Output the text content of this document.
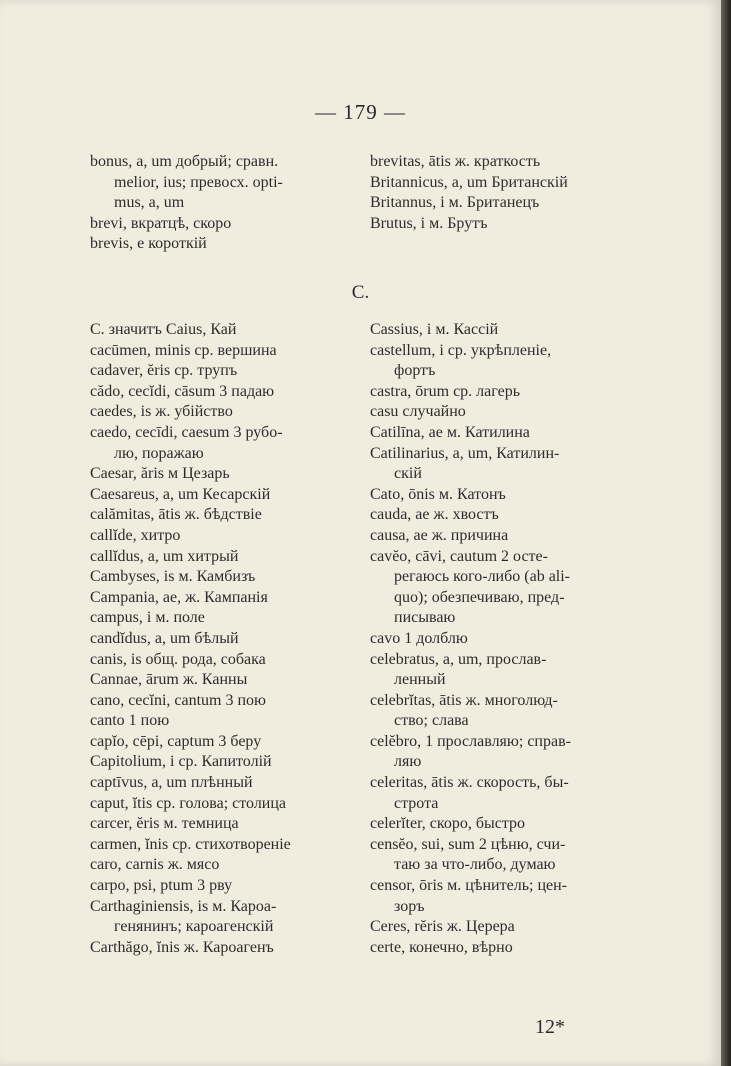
— 179 —
bonus, a, um добрый; сравн.
melior, ius; превосх. opti-
mus, a, um
brevi, вкратцѣ, скоро
brevis, e короткій
brevitas, ātis ж. краткость
Britannicus, a, um Британскій
Britannus, i м. Британецъ
Brutus, i м. Брутъ
C.
C. значитъ Caius, Кай
cacūmen, minis ср. вершина
cadaver, ĕris ср. трупъ
cădo, cecĭdi, cāsum 3 падаю
caedes, is ж. убійство
caedo, cecīdi, caesum 3 рубо-
лю, поражаю
Caesar, ăris м Цезарь
Caesareus, a, um Кесарскій
calămitas, ātis ж. бѣдствіе
callĭde, хитро
callĭdus, a, um хитрый
Cambyses, is м. Камбизъ
Campania, ae, ж. Кампанія
campus, i м. поле
candĭdus, a, um бѣлый
canis, is общ. рода, собака
Cannae, ārum ж. Канны
cano, cecĭni, cantum 3 пою
canto 1 пою
capĭo, cēpi, captum 3 беру
Capitolium, i ср. Капитолій
captīvus, a, um плѣнный
caput, ĭtis ср. голова; столица
carcer, ĕris м. темница
carmen, ĭnis ср. стихотвореніе
caro, carnis ж. мясо
carpo, psi, ptum 3 рву
Carthaginiensis, is м. Кароа-
генянинъ; кароагенскій
Carthăgo, ĭnis ж. Кароагенъ
Cassius, i м. Кассій
castellum, i ср. укрѣпленіе,
фортъ
castra, ōrum ср. лагерь
casu случайно
Catilīna, ae м. Катилина
Catilinarius, a, um, Катилин-
скій
Cato, ōnis м. Катонъ
cauda, ae ж. хвостъ
causa, ae ж. причина
cavĕo, cāvi, cautum 2 осте-
регаюсь кого-либо (ab ali-
quo); обезпечиваю, пред-
писываю
cavo 1 долблю
celebratus, a, um, прослав-
ленный
celebrĭtas, ātis ж. многолюд-
ство; слава
celĕbro, 1 прославляю; справ-
ляю
celeritas, ātis ж. скорость, бы-
строта
celerĭter, скоро, быстро
censĕo, sui, sum 2 цѣню, счи-
таю за что-либо, думаю
censor, ōris м. цѣнитель; цен-
зоръ
Ceres, rĕris ж. Церера
certe, конечно, вѣрно
12*
